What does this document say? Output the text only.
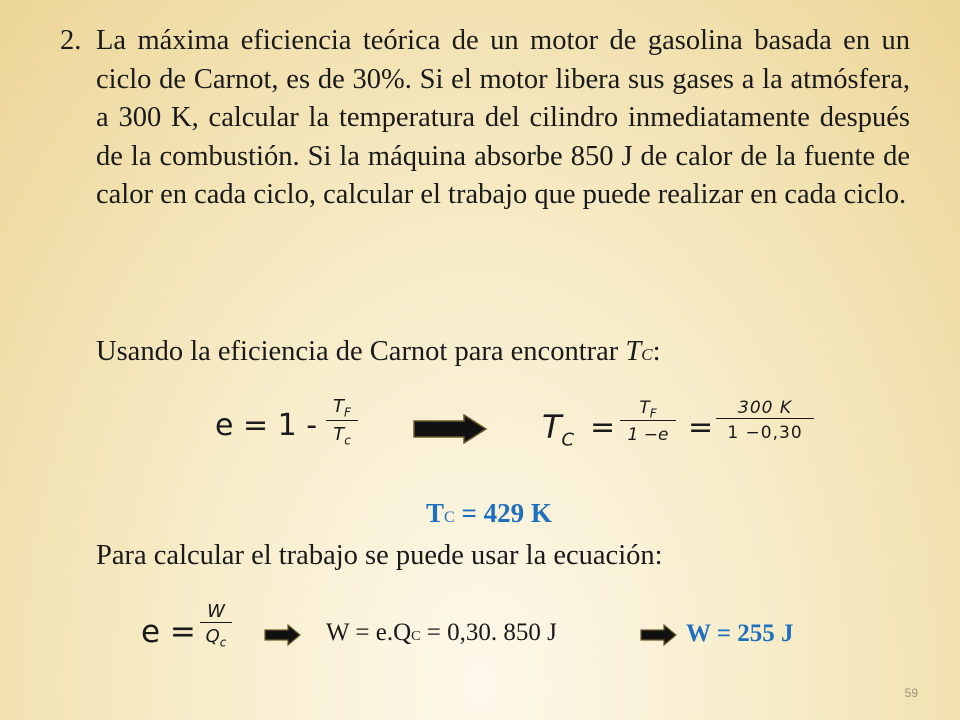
2. La máxima eficiencia teórica de un motor de gasolina basada en un ciclo de Carnot, es de 30%. Si el motor libera sus gases a la atmósfera, a 300 K, calcular la temperatura del cilindro inmediatamente después de la combustión. Si la máquina absorbe 850 J de calor de la fuente de calor en cada ciclo, calcular el trabajo que puede realizar en cada ciclo.
Usando la eficiencia de Carnot para encontrar TC:
e = 1 -
$T_F$
$T_c$	$T_C$ =
$T_F$
1 −e =
300 K
1 −0,30
TC = 429 K
Para calcular el trabajo se puede usar la ecuación:
e =
W
$Q_c$	W = e.QC = 0,30. 850 J	W = 255 J
59
